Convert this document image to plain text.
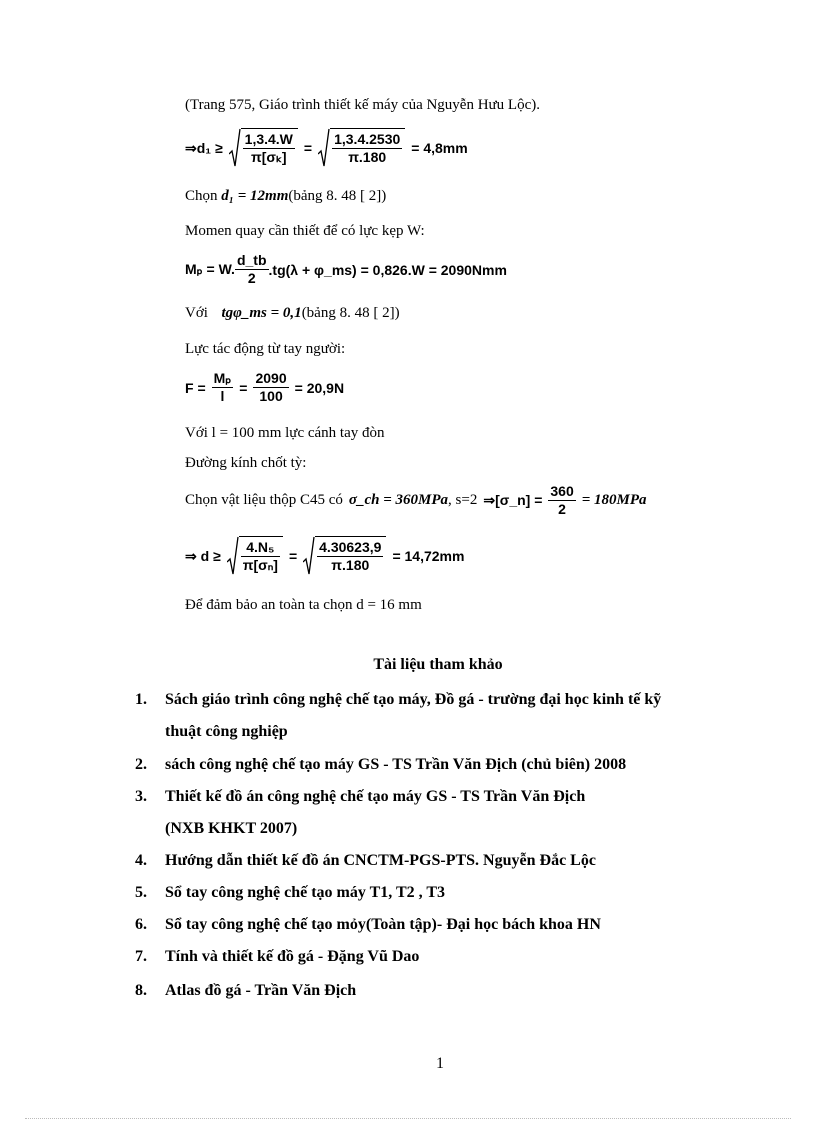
(Trang 575, Giáo trình thiết kế máy của Nguyễn Hưu Lộc).
⇒d₁ ≥ $\frac{1,3.4.W}{\text{π[σₖ]}} = \frac{1,3.4.2530}{\pi.180} = 4,8mm$
Chọn d₁ = 12mm(bảng 8. 48 [ 2])
Momen quay cần thiết để có lực kẹp W:
Mₚ = W. $\frac{d\_tb}{2} .tg(\lambda$ + φ_ms) = 0,826.W = 2090Nmm
Với tgφ_ms = 0,1(bảng 8. 48 [ 2])
Lực tác động từ tay người:
$F = \frac{\text{Mₚ}}{l} = \frac{2090}{100} = 20,9N$
Với l = 100 mm lực cánh tay đòn
Đường kính chốt tỳ:
Chọn vật liệu thộp C45 có σ_ch = 360MPa , s=2 ⇒[σ_n] = $\frac{360}{2} = 180MPa$
⇒ $d \ge \frac{\text{4.N₅}}{\text{π[σₙ]}} = \frac{4.30623,9}{\pi.180} = 14,72mm$
Để đảm bảo an toàn ta chọn d = 16 mm
Tài liệu tham khảo
1. Sách giáo trình công nghệ chế tạo máy, Đồ gá - trường đại học kinh tế kỹ
thuật công nghiệp
2. sách công nghệ chế tạo máy GS - TS Trần Văn Địch (chủ biên) 2008
3. Thiết kế đồ án công nghệ chế tạo máy GS - TS Trần Văn Địch
(NXB KHKT 2007)
4. Hướng dẫn thiết kế đồ án CNCTM-PGS-PTS. Nguyễn Đắc Lộc
5. Sổ tay công nghệ chế tạo máy T1, T2 , T3
6. Sổ tay công nghệ chế tạo mỏy(Toàn tập)- Đại học bách khoa HN
7. Tính và thiết kế đồ gá - Đặng Vũ Dao
8. Atlas đồ gá - Trần Văn Địch
1
